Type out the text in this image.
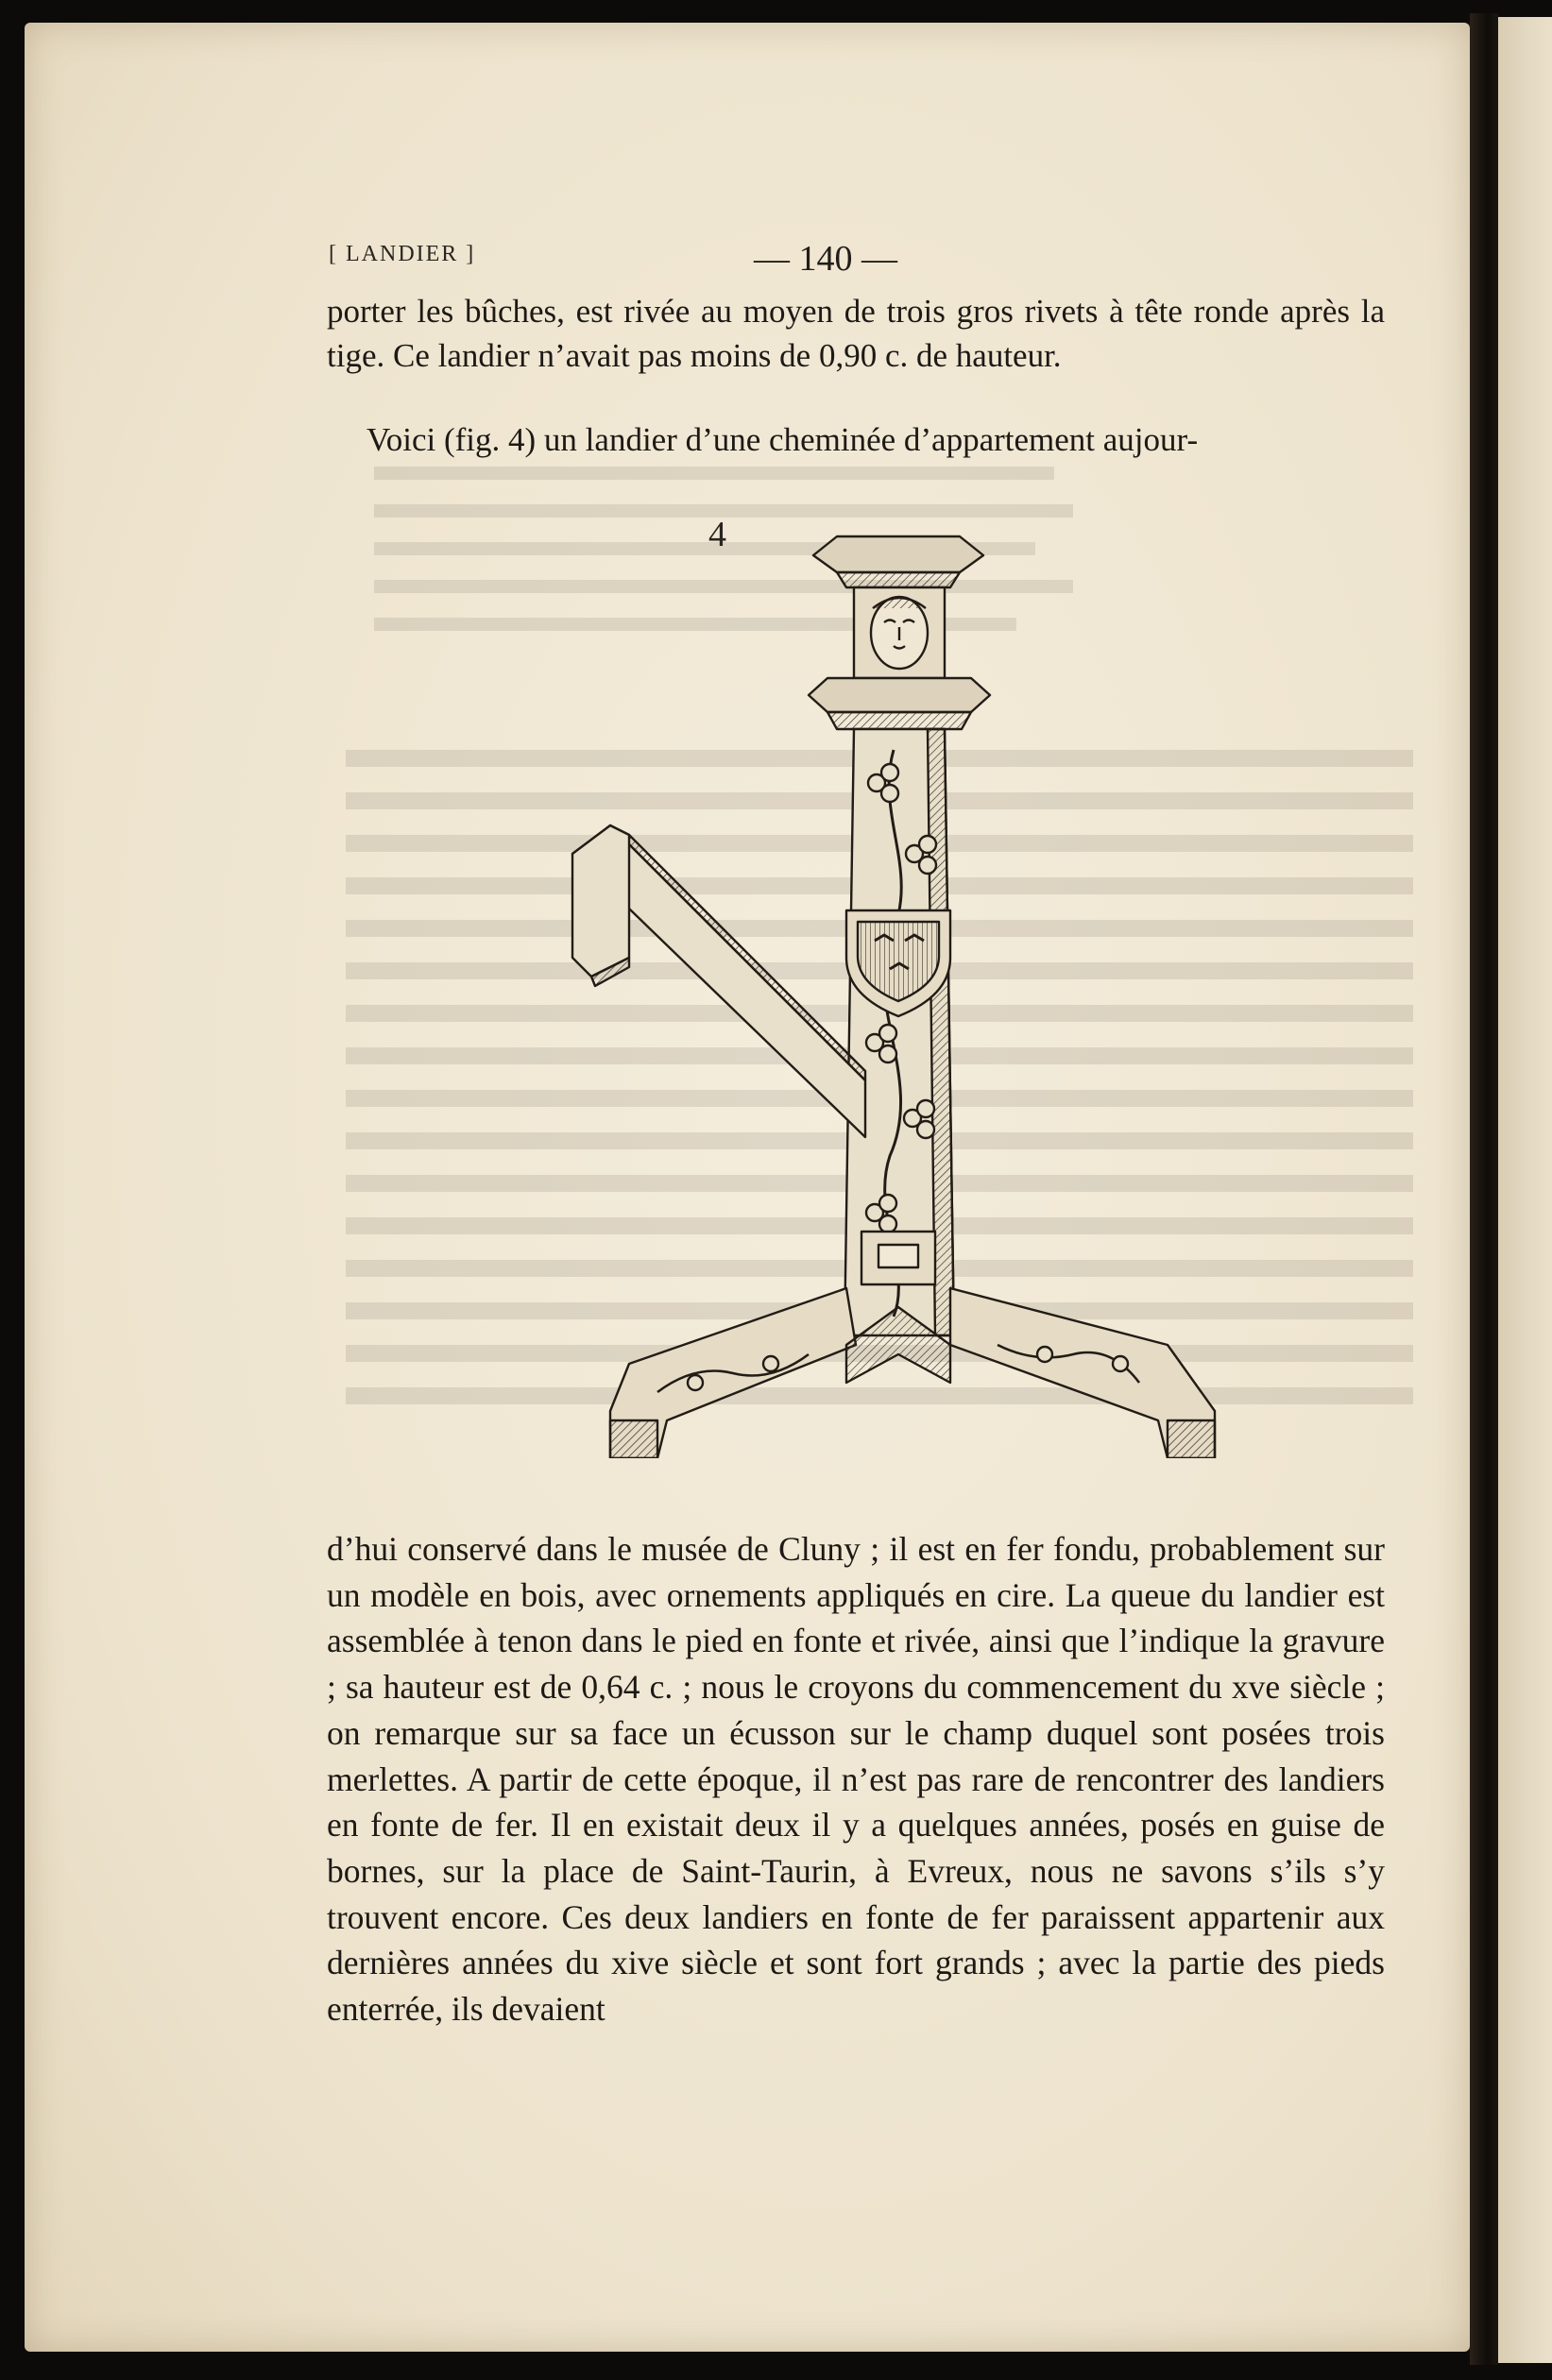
[ LANDIER ]	— 140 —

porter les bûches, est rivée au moyen de trois gros rivets à tête ronde après la tige. Ce landier n’avait pas moins de 0,90 c. de hauteur.

Voici (fig. 4) un landier d’une cheminée d’appartement aujour-

4

d’hui conservé dans le musée de Cluny ; il est en fer fondu, probablement sur un modèle en bois, avec ornements appliqués en cire. La queue du landier est assemblée à tenon dans le pied en fonte et rivée, ainsi que l’indique la gravure ; sa hauteur est de 0,64 c. ; nous le croyons du commencement du xve siècle ; on remarque sur sa face un écusson sur le champ duquel sont posées trois merlettes. A partir de cette époque, il n’est pas rare de rencontrer des landiers en fonte de fer. Il en existait deux il y a quelques années, posés en guise de bornes, sur la place de Saint-Taurin, à Evreux, nous ne savons s’ils s’y trouvent encore. Ces deux landiers en fonte de fer paraissent appartenir aux dernières années du xive siècle et sont fort grands ; avec la partie des pieds enterrée, ils devaient
